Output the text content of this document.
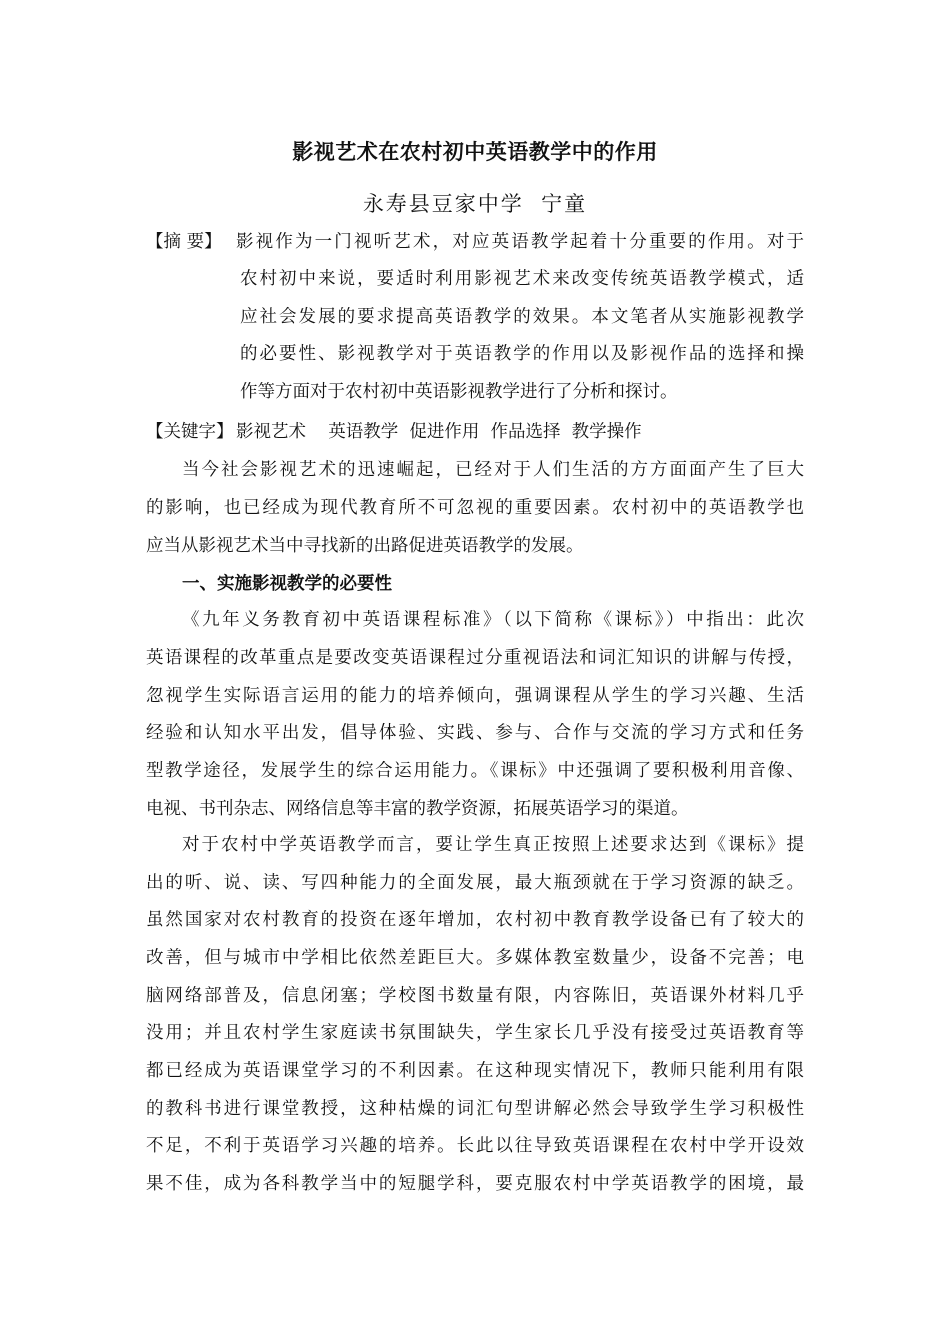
影视艺术在农村初中英语教学中的作用
永寿县豆家中学  宁童
【摘 要】 影视作为一门视听艺术，对应英语教学起着十分重要的作用。对于
农村初中来说，要适时利用影视艺术来改变传统英语教学模式，适
应社会发展的要求提高英语教学的效果。本文笔者从实施影视教学
的必要性、影视教学对于英语教学的作用以及影视作品的选择和操
作等方面对于农村初中英语影视教学进行了分析和探讨。
【关键字】 影视艺术    英语教学  促进作用  作品选择  教学操作
当今社会影视艺术的迅速崛起，已经对于人们生活的方方面面产生了巨大
的影响，也已经成为现代教育所不可忽视的重要因素。农村初中的英语教学也
应当从影视艺术当中寻找新的出路促进英语教学的发展。
一、实施影视教学的必要性
《九年义务教育初中英语课程标准》（以下简称《课标》）中指出：此次
英语课程的改革重点是要改变英语课程过分重视语法和词汇知识的讲解与传授，
忽视学生实际语言运用的能力的培养倾向，强调课程从学生的学习兴趣、生活
经验和认知水平出发，倡导体验、实践、参与、合作与交流的学习方式和任务
型教学途径，发展学生的综合运用能力。《课标》中还强调了要积极利用音像、
电视、书刊杂志、网络信息等丰富的教学资源，拓展英语学习的渠道。
对于农村中学英语教学而言，要让学生真正按照上述要求达到《课标》提
出的听、说、读、写四种能力的全面发展，最大瓶颈就在于学习资源的缺乏。
虽然国家对农村教育的投资在逐年增加，农村初中教育教学设备已有了较大的
改善，但与城市中学相比依然差距巨大。多媒体教室数量少，设备不完善；电
脑网络部普及，信息闭塞；学校图书数量有限，内容陈旧，英语课外材料几乎
没用；并且农村学生家庭读书氛围缺失，学生家长几乎没有接受过英语教育等
都已经成为英语课堂学习的不利因素。在这种现实情况下，教师只能利用有限
的教科书进行课堂教授，这种枯燥的词汇句型讲解必然会导致学生学习积极性
不足，不利于英语学习兴趣的培养。长此以往导致英语课程在农村中学开设效
果不佳，成为各科教学当中的短腿学科，要克服农村中学英语教学的困境，最
